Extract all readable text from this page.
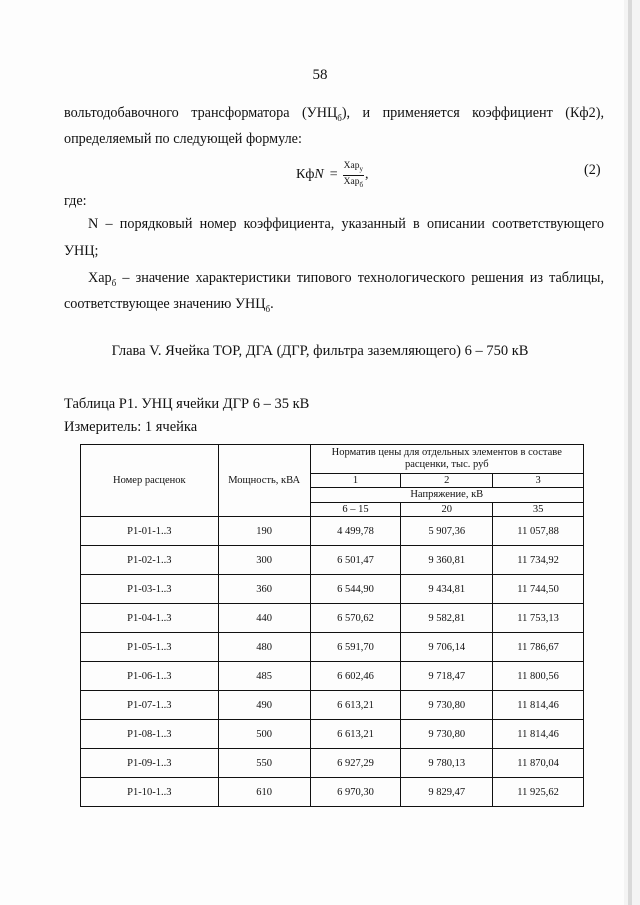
58
вольтодобавочного трансформатора $(УНЦ_б)$, и применяется коэффициент (Кф2),
определяемый по следующей формуле:
Кф $N = \frac{Хар_у}{Хар_б}$ ,	(2)
где:
N – порядковый номер коэффициента, указанный в описании соответствующего
УНЦ;
Хар$_б$ – значение характеристики типового технологического решения из таблицы,
соответствующее значению $УНЦ_б$.
Глава V. Ячейка ТОР, ДГА (ДГР, фильтра заземляющего) 6 – 750 кВ
Таблица Р1. УНЦ ячейки ДГР 6 – 35 кВ
Измеритель: 1 ячейка
Номер расценок	Мощность, кВА	Норматив цены для отдельных элементов в составе расценки, тыс. руб		
		1	2	3
		Напряжение, кВ		
		6 – 15	20	35
Р1-01-1..3	190	4 499,78	5 907,36	11 057,88
Р1-02-1..3	300	6 501,47	9 360,81	11 734,92
Р1-03-1..3	360	6 544,90	9 434,81	11 744,50
Р1-04-1..3	440	6 570,62	9 582,81	11 753,13
Р1-05-1..3	480	6 591,70	9 706,14	11 786,67
Р1-06-1..3	485	6 602,46	9 718,47	11 800,56
Р1-07-1..3	490	6 613,21	9 730,80	11 814,46
Р1-08-1..3	500	6 613,21	9 730,80	11 814,46
Р1-09-1..3	550	6 927,29	9 780,13	11 870,04
Р1-10-1..3	610	6 970,30	9 829,47	11 925,62
